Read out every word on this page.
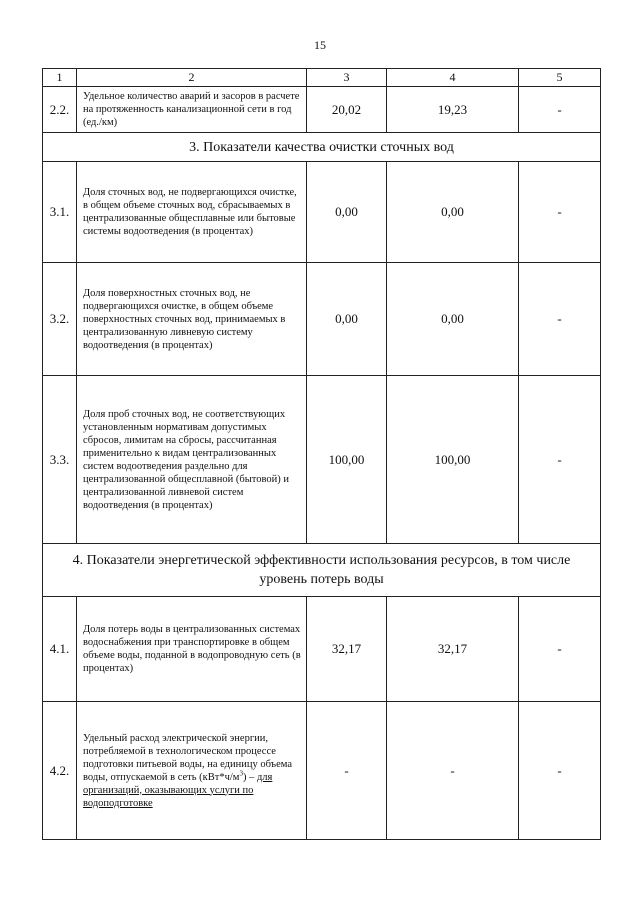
15
1	2	3	4	5
2.2.	Удельное количество аварий и засоров в расчете на протяженность канализационной сети в год (ед./км)	20,02	19,23	-
3. Показатели качества очистки сточных вод				
3.1.	Доля сточных вод, не подвергающихся очистке, в общем объеме сточных вод, сбрасываемых в централизованные общесплавные или бытовые системы водоотведения (в процентах)	0,00	0,00	-
3.2.	Доля поверхностных сточных вод, не подвергающихся очистке, в общем объеме поверхностных сточных вод, принимаемых в централизованную ливневую систему водоотведения (в процентах)	0,00	0,00	-
3.3.	Доля проб сточных вод, не соответствующих установленным нормативам допустимых сбросов, лимитам на сбросы, рассчитанная применительно к видам централизованных систем водоотведения раздельно для централизованной общесплавной (бытовой) и централизованной ливневой систем водоотведения (в процентах)	100,00	100,00	-
4. Показатели энергетической эффективности использования ресурсов, в том числе уровень потерь воды				
4.1.	Доля потерь воды в централизованных системах водоснабжения при транспортировке в общем объеме воды, поданной в водопроводную сеть (в процентах)	32,17	32,17	-
4.2.	Удельный расход электрической энергии, потребляемой в технологическом процессе подготовки питьевой воды, на единицу объема воды, отпускаемой в сеть $(кВт*ч/м^3)$ – для организаций, оказывающих услуги по водоподготовке	-	-	-
